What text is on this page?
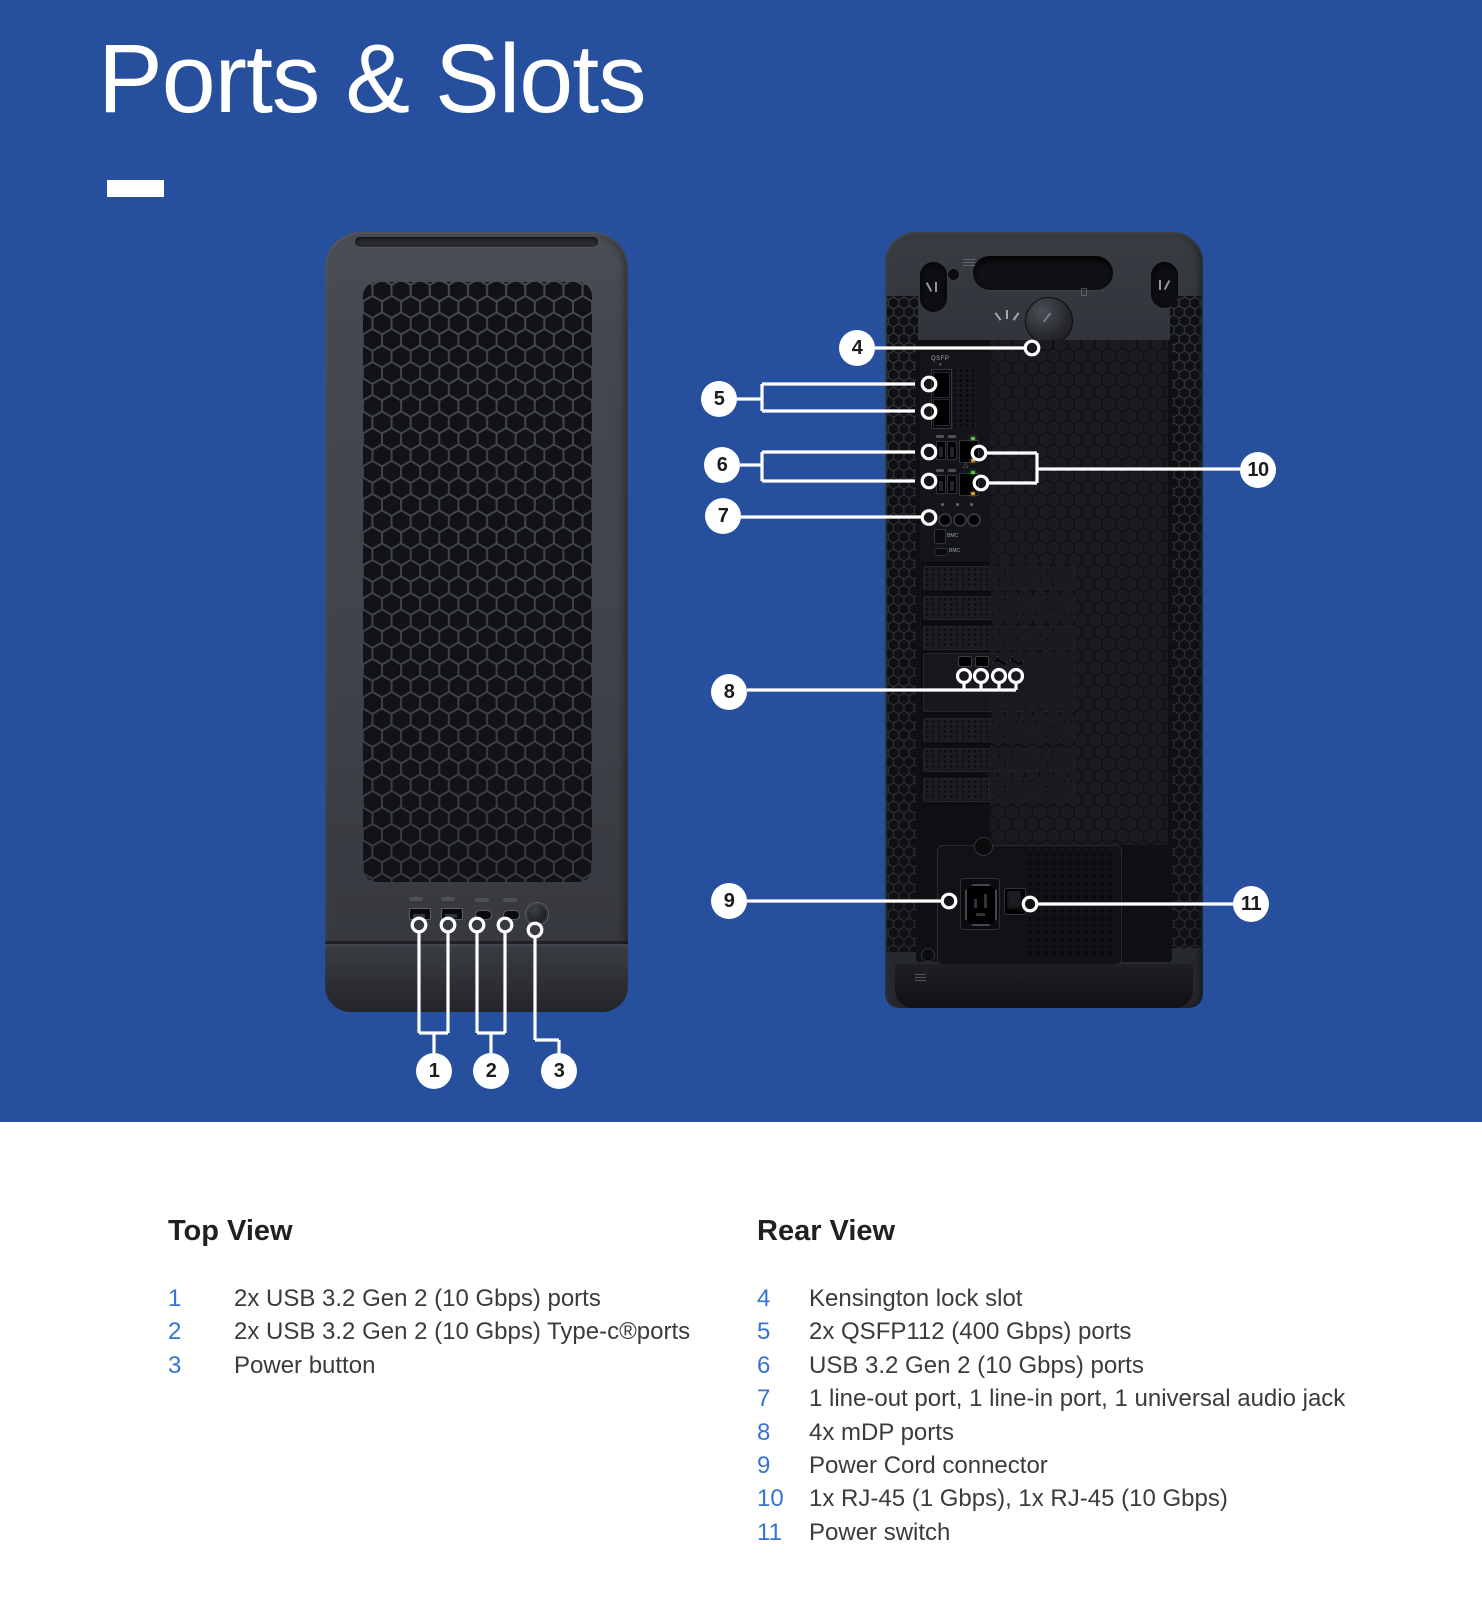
Ports & Slots
QSFP
▾
△
BMC
BMC
1	2	3
4
5
6
7
8
9
10
11
Top View
1	2x USB 3.2 Gen 2 (10 Gbps) ports
2	2x USB 3.2 Gen 2 (10 Gbps) Type-c®ports
3	Power button
Rear View
4	Kensington lock slot
5	2x QSFP112 (400 Gbps) ports
6	USB 3.2 Gen 2 (10 Gbps) ports
7	1 line-out port, 1 line-in port, 1 universal audio jack
8	4x mDP ports
9	Power Cord connector
10	1x RJ-45 (1 Gbps), 1x RJ-45 (10 Gbps)
11	Power switch
